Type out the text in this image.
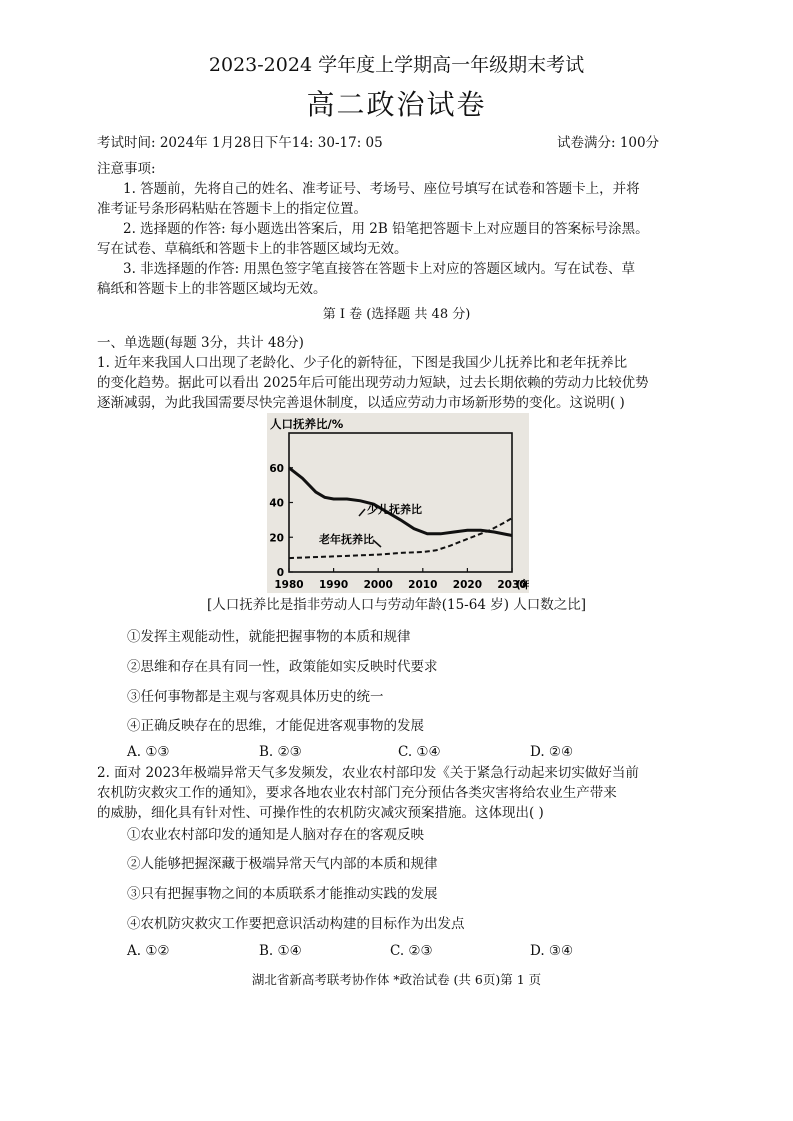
2023-2024 学年度上学期高一年级期末考试
高二政治试卷
考试时间: 2024年 1月28日下午14: 30-17: 05	试卷满分: 100分
注意事项:
1. 答题前，先将自己的姓名、准考证号、考场号、座位号填写在试卷和答题卡上，并将
准考证号条形码粘贴在答题卡上的指定位置。
2. 选择题的作答: 每小题选出答案后，用 2B 铅笔把答题卡上对应题目的答案标号涂黑。
写在试卷、草稿纸和答题卡上的非答题区域均无效。
3. 非选择题的作答: 用黑色签字笔直接答在答题卡上对应的答题区域内。写在试卷、草
稿纸和答题卡上的非答题区域均无效。
第 I 卷 (选择题 共 48 分)
一、单选题(每题 3分，共计 48分)
1. 近年来我国人口出现了老龄化、少子化的新特征，下图是我国少儿抚养比和老年抚养比
的变化趋势。据此可以看出 2025年后可能出现劳动力短缺，过去长期依赖的劳动力比较优势
逐渐减弱，为此我国需要尽快完善退休制度，以适应劳动力市场新形势的变化。这说明( )
人口抚养比/%
0
20
40
60
1980 1990 2000 2010 2020 2030
(年
少儿抚养比
老年抚养比
[人口抚养比是指非劳动人口与劳动年龄(15-64 岁) 人口数之比]
①发挥主观能动性，就能把握事物的本质和规律
②思维和存在具有同一性，政策能如实反映时代要求
③任何事物都是主观与客观具体历史的统一
④正确反映存在的思维，才能促进客观事物的发展
A. ①③	B. ②③	C. ①④	D. ②④
2. 面对 2023年极端异常天气多发频发，农业农村部印发《关于紧急行动起来切实做好当前
农机防灾救灾工作的通知》，要求各地农业农村部门充分预估各类灾害将给农业生产带来
的威胁，细化具有针对性、可操作性的农机防灾减灾预案措施。这体现出( )
①农业农村部印发的通知是人脑对存在的客观反映
②人能够把握深藏于极端异常天气内部的本质和规律
③只有把握事物之间的本质联系才能推动实践的发展
④农机防灾救灾工作要把意识活动构建的目标作为出发点
A. ①②	B. ①④	C. ②③	D. ③④
湖北省新高考联考协作体 *政治试卷 (共 6页)第 1 页
